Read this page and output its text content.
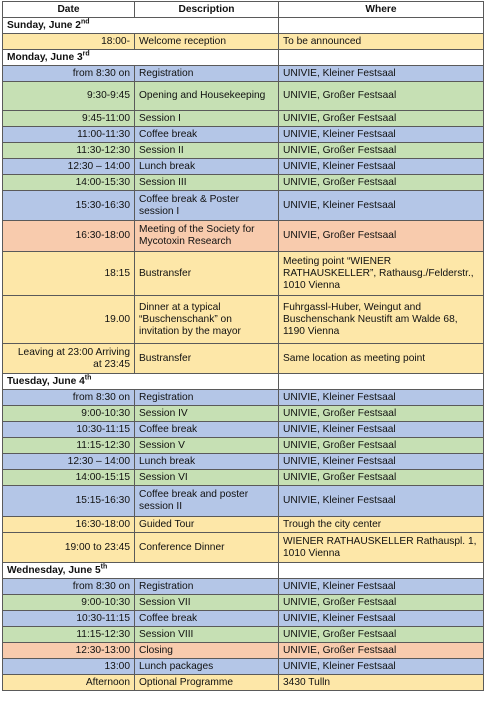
Date	Description	Where
Sunday, June 2nd	
18:00-	Welcome reception	To be announced
Monday, June 3rd	
from 8:30 on	Registration	UNIVIE, Kleiner Festsaal
9:30-9:45	Opening and Housekeeping	UNIVIE, Großer Festsaal
9:45-11:00	Session I	UNIVIE, Großer Festsaal
11:00-11:30	Coffee break	UNIVIE, Kleiner Festsaal
11:30-12:30	Session II	UNIVIE, Großer Festsaal
12:30 – 14:00	Lunch break	UNIVIE, Kleiner Festsaal
14:00-15:30	Session III	UNIVIE, Großer Festsaal
15:30-16:30	Coffee break & Poster session I	UNIVIE, Kleiner Festsaal
16:30-18:00	Meeting of the Society for Mycotoxin Research	UNIVIE, Großer Festsaal
18:15	Bustransfer	Meeting point “WIENER RATHAUSKELLER”, Rathausg./Felderstr., 1010 Vienna
19.00	Dinner at a typical “Buschenschank” on invitation by the mayor	Fuhrgassl-Huber, Weingut and Buschenschank Neustift am Walde 68, 1190 Vienna
Leaving at 23:00 Arriving at 23:45	Bustransfer	Same location as meeting point
Tuesday, June 4th	
from 8:30 on	Registration	UNIVIE, Kleiner Festsaal
9:00-10:30	Session IV	UNIVIE, Großer Festsaal
10:30-11:15	Coffee break	UNIVIE, Kleiner Festsaal
11:15-12:30	Session V	UNIVIE, Großer Festsaal
12:30 – 14:00	Lunch break	UNIVIE, Kleiner Festsaal
14:00-15:15	Session VI	UNIVIE, Großer Festsaal
15:15-16:30	Coffee break and poster session II	UNIVIE, Kleiner Festsaal
16:30-18:00	Guided Tour	Trough the city center
19:00 to 23:45	Conference Dinner	WIENER RATHAUSKELLER Rathauspl. 1, 1010 Vienna
Wednesday, June 5th	
from 8:30 on	Registration	UNIVIE, Kleiner Festsaal
9:00-10:30	Session VII	UNIVIE, Großer Festsaal
10:30-11:15	Coffee break	UNIVIE, Kleiner Festsaal
11:15-12:30	Session VIII	UNIVIE, Großer Festsaal
12:30-13:00	Closing	UNIVIE, Großer Festsaal
13:00	Lunch packages	UNIVIE, Kleiner Festsaal
Afternoon	Optional Programme	3430 Tulln
